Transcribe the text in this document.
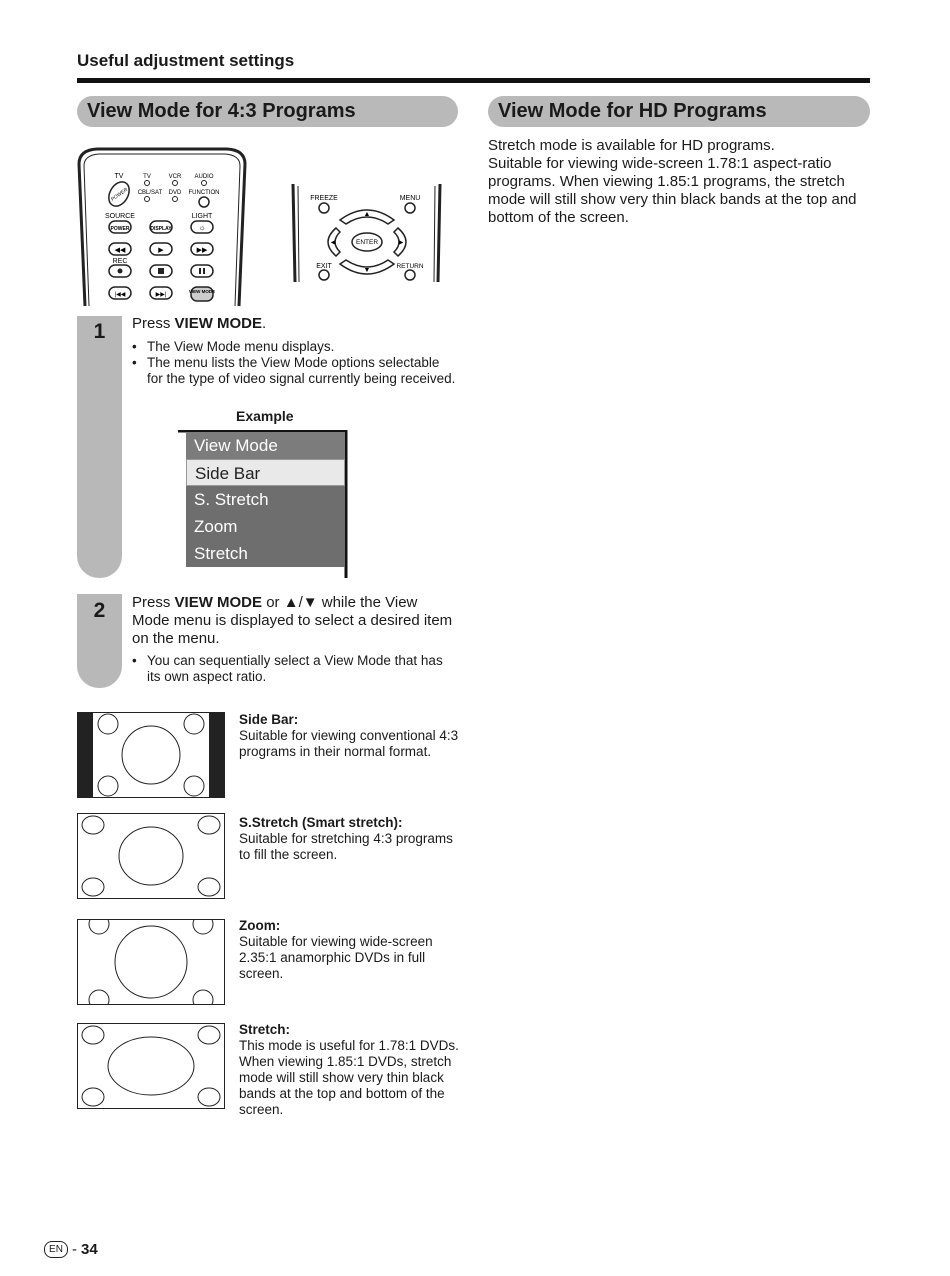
Useful adjustment settings
View Mode for 4:3 Programs	View Mode for HD Programs

Stretch mode is available for HD programs.

Suitable for viewing wide-screen 1.78:1 aspect-ratio programs. When viewing 1.85:1 programs, the stretch mode will still show very thin black bands at the top and bottom of the screen.

TV	TV	VCR AUDIO
POWER CBL/SAT DVD FUNCTION
SOURCE	LIGHT
POWER	DISPLAY	☼
◀◀	▶	▶▶
REC
|◀◀	▶▶|
VIEW MODE
FREEZE	MENU
▲
▼
◀	▶
ENTER
EXIT	RETURN
1	Press VIEW MODE.
• The View Mode menu displays.
• The menu lists the View Mode options selectable for the type of video signal currently being received.
Example
View Mode
Side Bar
S. Stretch
Zoom
Stretch
2	Press VIEW MODE or ▲/▼ while the View Mode menu is displayed to select a desired item on the menu.
• You can sequentially select a View Mode that has its own aspect ratio.
Side Bar:
Suitable for viewing conventional 4:3 programs in their normal format.
S.Stretch (Smart stretch):
Suitable for stretching 4:3 programs to fill the screen.
Zoom:
Suitable for viewing wide-screen 2.35:1 anamorphic DVDs in full screen.
Stretch:
This mode is useful for 1.78:1 DVDs.
When viewing 1.85:1 DVDs, stretch mode will still show very thin black bands at the top and bottom of the screen.
EN - 34
